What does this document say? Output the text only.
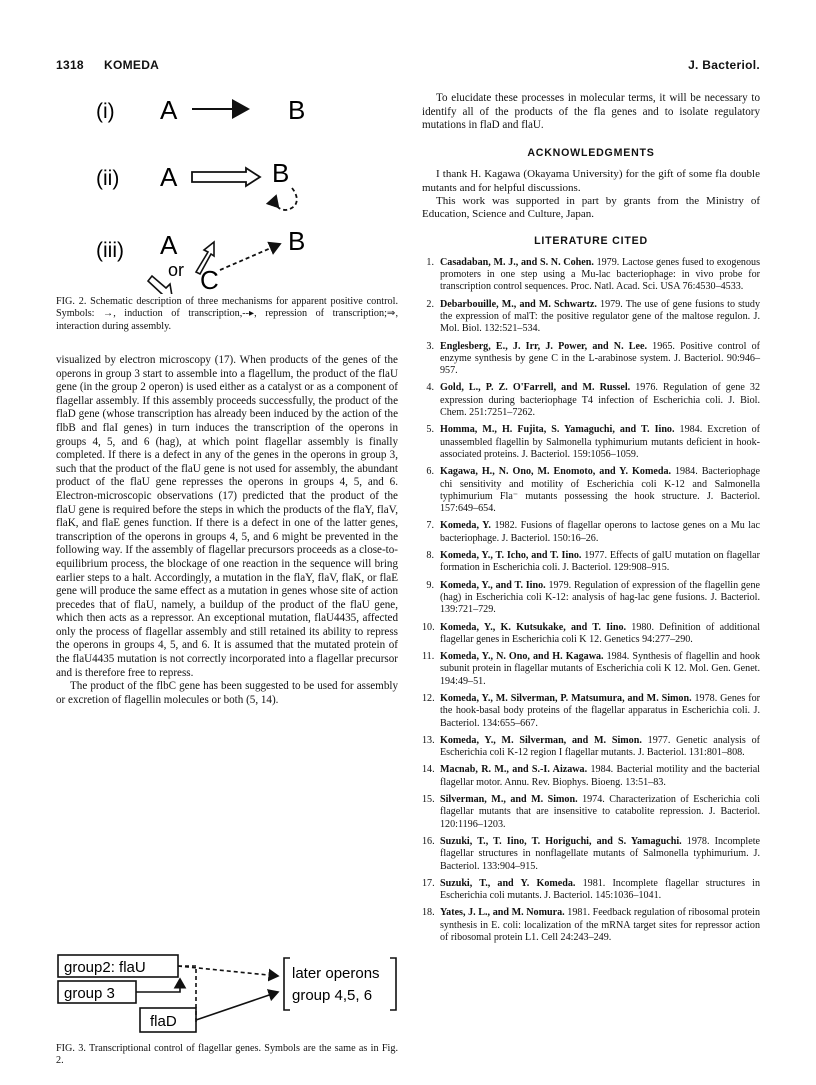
1318 KOMEDA	J. Bacteriol.
(i) A	B
(ii) A	B
(iii) A
or C
B
FIG. 2. Schematic description of three mechanisms for apparent positive control. Symbols: →, induction of transcription,--▸, repression of transcription;⇒, interaction during assembly.

visualized by electron microscopy (17). When products of the genes of the operons in group 3 start to assemble into a flagellum, the product of the flaU gene (in the group 2 operon) is used either as a catalyst or as a component of flagellar assembly. If this assembly proceeds successfully, the product of the flaD gene (whose transcription has already been induced by the action of the flbB and flaI genes) in turn induces the transcription of the operons in groups 4, 5, and 6 (hag), at which point flagellar assembly is finally completed. If there is a defect in any of the genes in the operons in group 3, such that the product of the flaU gene is not used for assembly, the abundant product of the flaU gene represses the operons in groups 4, 5, and 6. Electron-microscopic observations (17) predicted that the product of the flaU gene is required before the steps in which the products of the flaY, flaV, flaK, and flaE genes function. If there is a defect in one of the latter genes, transcription of the operons in groups 4, 5, and 6 might be prevented in the following way. If the assembly of flagellar precursors proceeds as a close-to-equilibrium process, the blockage of one reaction in the sequence will bring earlier steps to a halt. Accordingly, a mutation in the flaY, flaV, flaK, or flaE gene will produce the same effect as a mutation in genes whose site of action precedes that of flaU, namely, a buildup of the product of the flaU gene, which then acts as a repressor. An exceptional mutation, flaU4435, affected only the process of flagellar assembly and still retained its ability to repress the operons in groups 4, 5, and 6. It is assumed that the mutated protein of the flaU4435 mutation is not correctly incorporated into a flagellar precursor and is therefore free to repress.

The product of the flbC gene has been suggested to be used for assembly or excretion of flagellin molecules or both (5, 14).

group2: flaU
group 3
flaD
later operons
group 4,5, 6
FIG. 3. Transcriptional control of flagellar genes. Symbols are the same as in Fig. 2.

To elucidate these processes in molecular terms, it will be necessary to identify all of the products of the fla genes and to isolate regulatory mutations in flaD and flaU.

ACKNOWLEDGMENTS

I thank H. Kagawa (Okayama University) for the gift of some fla double mutants and for helpful discussions.

This work was supported in part by grants from the Ministry of Education, Science and Culture, Japan.

LITERATURE CITED
1. Casadaban, M. J., and S. N. Cohen. 1979. Lactose genes fused to exogenous promoters in one step using a Mu-lac bacteriophage: in vivo probe for transcription control sequences. Proc. Natl. Acad. Sci. USA 76:4530–4533.
2. Debarbouille, M., and M. Schwartz. 1979. The use of gene fusions to study the expression of malT: the positive regulator gene of the maltose regulon. J. Mol. Biol. 132:521–534.
3. Englesberg, E., J. Irr, J. Power, and N. Lee. 1965. Positive control of enzyme synthesis by gene C in the L-arabinose system. J. Bacteriol. 90:946–957.
4. Gold, L., P. Z. O'Farrell, and M. Russel. 1976. Regulation of gene 32 expression during bacteriophage T4 infection of Escherichia coli. J. Biol. Chem. 251:7251–7262.
5. Homma, M., H. Fujita, S. Yamaguchi, and T. Iino. 1984. Excretion of unassembled flagellin by Salmonella typhimurium mutants deficient in hook-associated proteins. J. Bacteriol. 159:1056–1059.
6. Kagawa, H., N. Ono, M. Enomoto, and Y. Komeda. 1984. Bacteriophage chi sensitivity and motility of Escherichia coli K-12 and Salmonella typhimurium Fla⁻ mutants possessing the hook structure. J. Bacteriol. 157:649–654.
7. Komeda, Y. 1982. Fusions of flagellar operons to lactose genes on a Mu lac bacteriophage. J. Bacteriol. 150:16–26.
8. Komeda, Y., T. Icho, and T. Iino. 1977. Effects of galU mutation on flagellar formation in Escherichia coli. J. Bacteriol. 129:908–915.
9. Komeda, Y., and T. Iino. 1979. Regulation of expression of the flagellin gene (hag) in Escherichia coli K-12: analysis of hag-lac gene fusions. J. Bacteriol. 139:721–729.
10. Komeda, Y., K. Kutsukake, and T. Iino. 1980. Definition of additional flagellar genes in Escherichia coli K 12. Genetics 94:277–290.
11. Komeda, Y., N. Ono, and H. Kagawa. 1984. Synthesis of flagellin and hook subunit protein in flagellar mutants of Escherichia coli K 12. Mol. Gen. Genet. 194:49–51.
12. Komeda, Y., M. Silverman, P. Matsumura, and M. Simon. 1978. Genes for the hook-basal body proteins of the flagellar apparatus in Escherichia coli. J. Bacteriol. 134:655–667.
13. Komeda, Y., M. Silverman, and M. Simon. 1977. Genetic analysis of Escherichia coli K-12 region I flagellar mutants. J. Bacteriol. 131:801–808.
14. Macnab, R. M., and S.-I. Aizawa. 1984. Bacterial motility and the bacterial flagellar motor. Annu. Rev. Biophys. Bioeng. 13:51–83.
15. Silverman, M., and M. Simon. 1974. Characterization of Escherichia coli flagellar mutants that are insensitive to catabolite repression. J. Bacteriol. 120:1196–1203.
16. Suzuki, T., T. Iino, T. Horiguchi, and S. Yamaguchi. 1978. Incomplete flagellar structures in nonflagellate mutants of Salmonella typhimurium. J. Bacteriol. 133:904–915.
17. Suzuki, T., and Y. Komeda. 1981. Incomplete flagellar structures in Escherichia coli mutants. J. Bacteriol. 145:1036–1041.
18. Yates, J. L., and M. Nomura. 1981. Feedback regulation of ribosomal protein synthesis in E. coli: localization of the mRNA target sites for repressor action of ribosomal protein L1. Cell 24:243–249.
